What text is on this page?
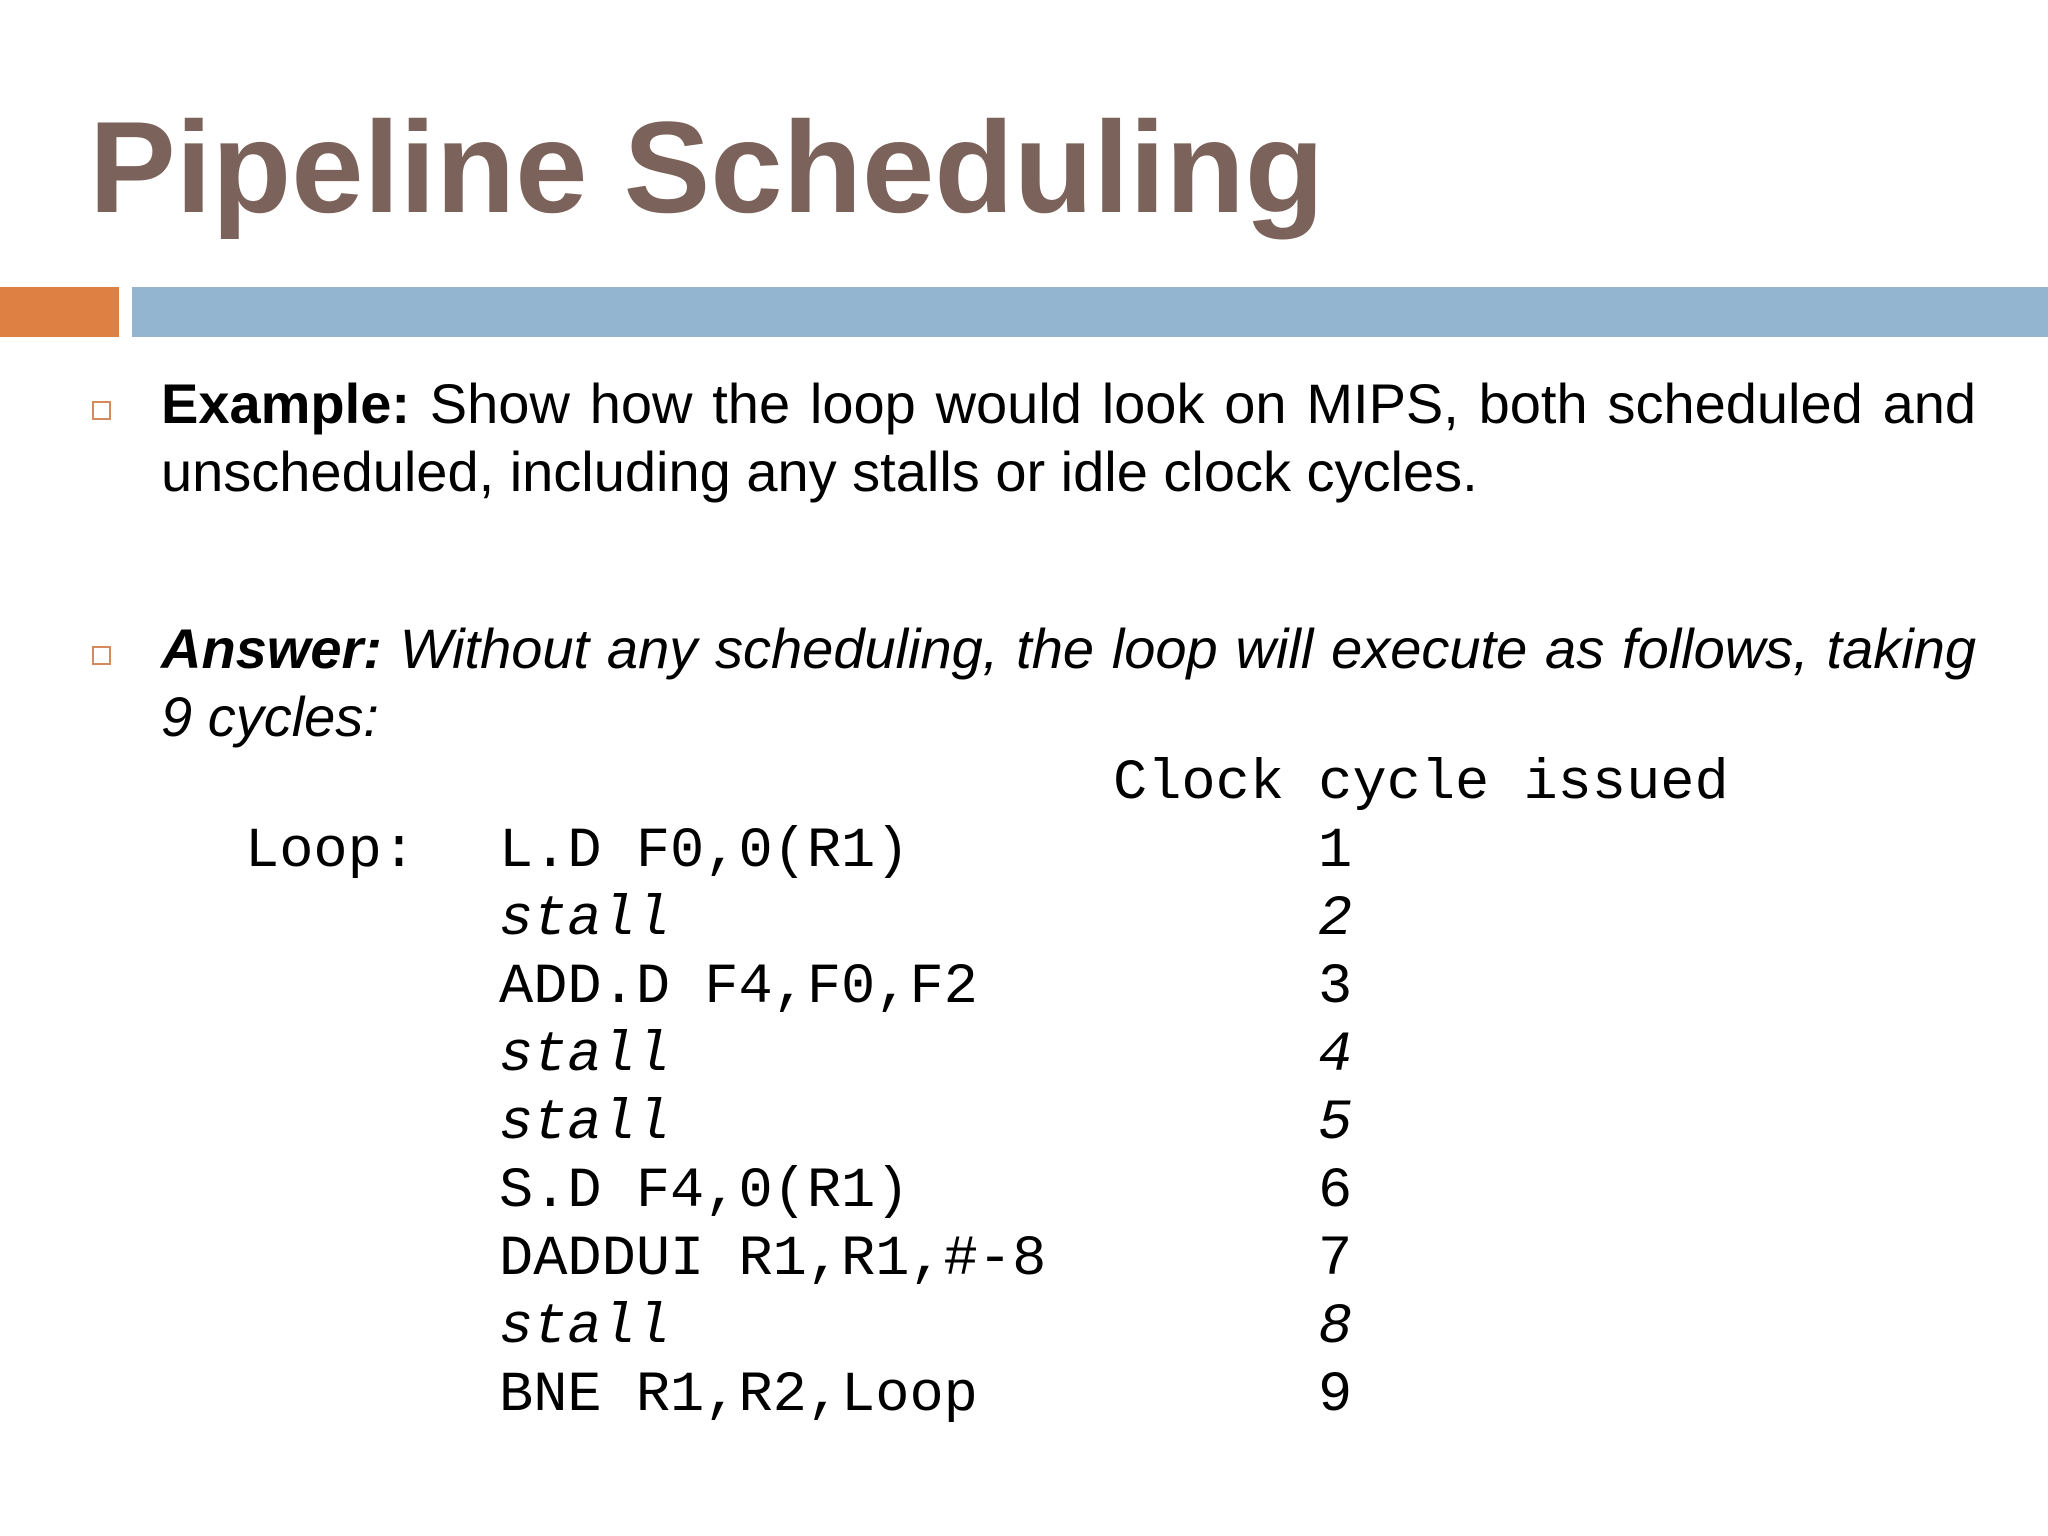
Pipeline Scheduling
Example: Show how the loop would look on MIPS, both scheduled and unscheduled, including any stalls or idle clock cycles.
Answer: Without any scheduling, the loop will execute as follows, taking 9 cycles:
Clock cycle issued
Loop: L.D F0,0(R1)	1
stall	2
ADD.D F4,F0,F2	3
stall	4
stall	5
S.D F4,0(R1)	6
DADDUI R1,R1,#-8	7
stall	8
BNE R1,R2,Loop	9
